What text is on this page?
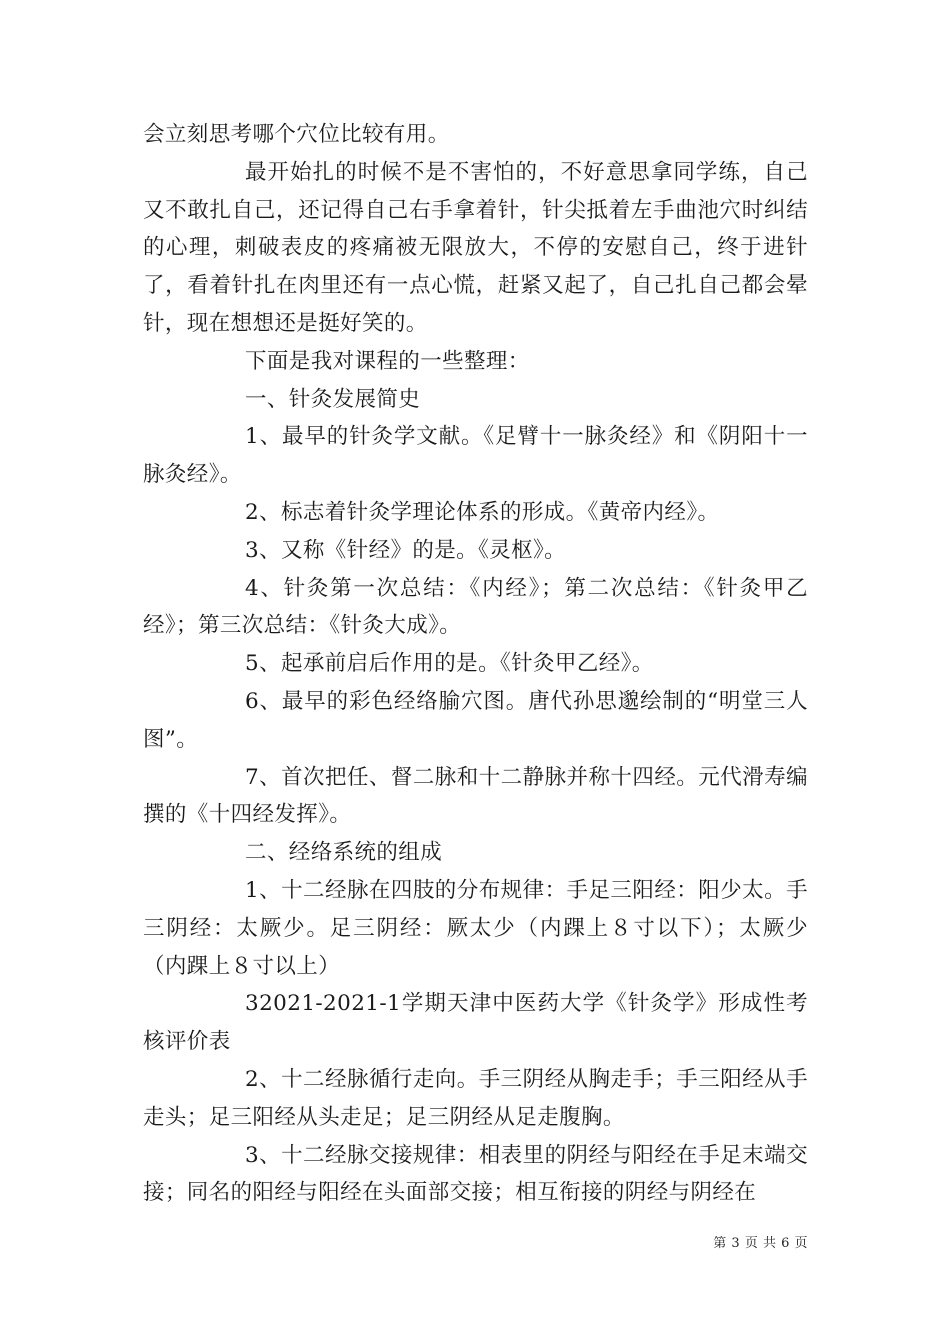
会立刻思考哪个穴位比较有用。

最开始扎的时候不是不害怕的，不好意思拿同学练，自己又不敢扎自己，还记得自己右手拿着针，针尖抵着左手曲池穴时纠结的心理，刺破表皮的疼痛被无限放大，不停的安慰自己，终于进针了，看着针扎在肉里还有一点心慌，赶紧又起了，自己扎自己都会晕针，现在想想还是挺好笑的。

下面是我对课程的一些整理：

一、针灸发展简史

1、最早的针灸学文献。《足臂十一脉灸经》和《阴阳十一脉灸经》。

2、标志着针灸学理论体系的形成。《黄帝内经》。

3、又称《针经》的是。《灵枢》。

4、针灸第一次总结：《内经》；第二次总结：《针灸甲乙经》；第三次总结：《针灸大成》。

5、起承前启后作用的是。《针灸甲乙经》。

6、最早的彩色经络腧穴图。唐代孙思邈绘制的“明堂三人图”。

7、首次把任、督二脉和十二静脉并称十四经。元代滑寿编撰的《十四经发挥》。

二、经络系统的组成

1、十二经脉在四肢的分布规律：手足三阳经：阳少太。手三阴经：太厥少。足三阴经：厥太少（内踝上８寸以下）；太厥少（内踝上８寸以上）

32021-2021-1学期天津中医药大学《针灸学》形成性考核评价表

2、十二经脉循行走向。手三阴经从胸走手；手三阳经从手走头；足三阳经从头走足；足三阴经从足走腹胸。

3、十二经脉交接规律：相表里的阴经与阳经在手足末端交接；同名的阳经与阳经在头面部交接；相互衔接的阴经与阴经在

第 3 页 共 6 页
